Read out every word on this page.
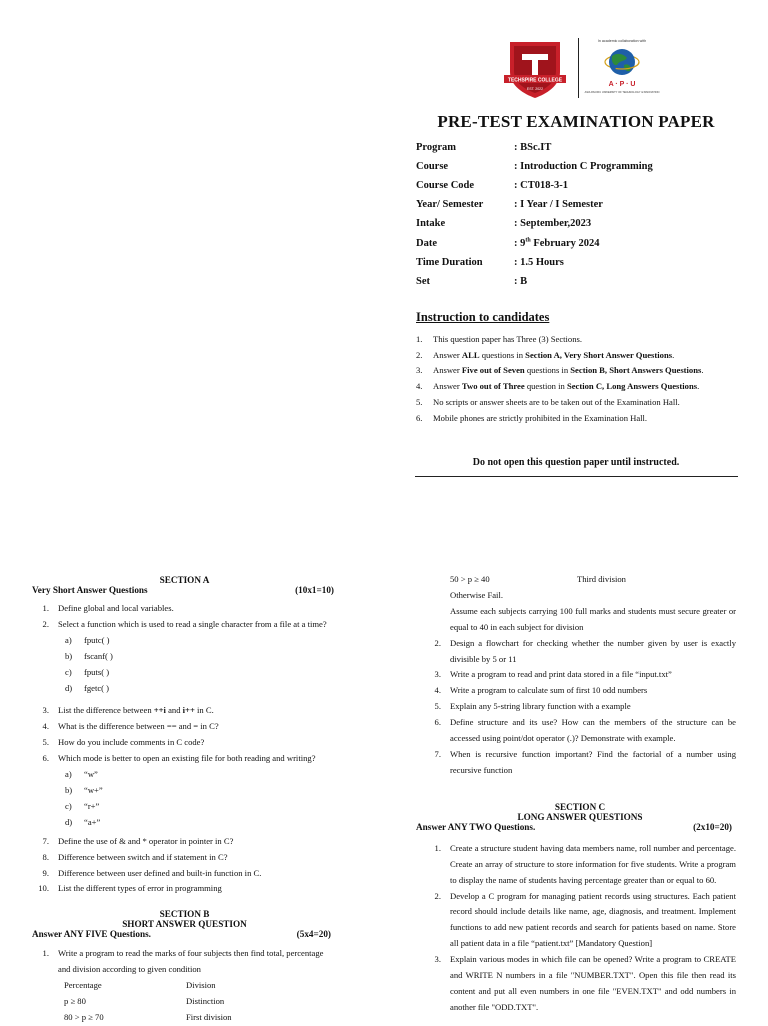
TECHSPIRE COLLEGE
EST. 2022
In academic collaboration with
A · P · U
ASIA PACIFIC UNIVERSITY OF TECHNOLOGY & INNOVATION
PRE-TEST EXAMINATION PAPER
Program	: BSc.IT
Course	: Introduction C Programming
Course Code	: CT018-3-1
Year/ Semester	: I Year / I Semester
Intake	: September,2023
Date	: 9th February 2024
Time Duration	: 1.5 Hours
Set	: B
Instruction to candidates
1.	This question paper has Three (3) Sections.
2.	Answer ALL questions in Section A, Very Short Answer Questions.
3.	Answer Five out of Seven questions in Section B, Short Answers Questions.
4.	Answer Two out of Three question in Section C, Long Answers Questions.
5.	No scripts or answer sheets are to be taken out of the Examination Hall.
6.	Mobile phones are strictly prohibited in the Examination Hall.
Do not open this question paper until instructed.
SECTION A
Very Short Answer Questions	(10x1=10)
1.	Define global and local variables.
2.	Select a function which is used to read a single character from a file at a time?
a)	fputc( )
b)	fscanf( )
c)	fputs( )
d)	fgetc( )
3.	List the difference between ++i and i++ in C.
4.	What is the difference between == and = in C?
5.	How do you include comments in C code?
6.	Which mode is better to open an existing file for both reading and writing?
a)	“w”
b)	“w+”
c)	“r+”
d)	“a+”
7.	Define the use of & and * operator in pointer in C?
8.	Difference between switch and if statement in C?
9.	Difference between user defined and built-in function in C.
10.	List the different types of error in programming
SECTION B
SHORT ANSWER QUESTION
Answer ANY FIVE Questions.	(5x4=20)
1.	Write a program to read the marks of four subjects then find total, percentage and division according to given condition
Percentage	Division
p ≥ 80	Distinction
80 > p ≥ 70	First division
50 > p ≥ 40	Third division
Otherwise Fail.
Assume each subjects carrying 100 full marks and students must secure greater or equal to 40 in each subject for division
2.	Design a flowchart for checking whether the number given by user is exactly divisible by 5 or 11
3.	Write a program to read and print data stored in a file “input.txt”
4.	Write a program to calculate sum of first 10 odd numbers
5.	Explain any 5-string library function with a example
6.	Define structure and its use? How can the members of the structure can be accessed using point/dot operator (.)? Demonstrate with example.
7.	When is recursive function important? Find the factorial of a number using recursive function
SECTION C
LONG ANSWER QUESTIONS
Answer ANY TWO Questions.	(2x10=20)
1.	Create a structure student having data members name, roll number and percentage. Create an array of structure to store information for five students. Write a program to display the name of students having percentage greater than or equal to 60.
2.	Develop a C program for managing patient records using structures. Each patient record should include details like name, age, diagnosis, and treatment. Implement functions to add new patient records and search for patients based on name. Store all patient data in a file “patient.txt” [Mandatory Question]
3.	Explain various modes in which file can be opened? Write a program to CREATE and WRITE N numbers in a file "NUMBER.TXT". Open this file then read its content and put all even numbers in one file "EVEN.TXT" and odd numbers in another file "ODD.TXT".
